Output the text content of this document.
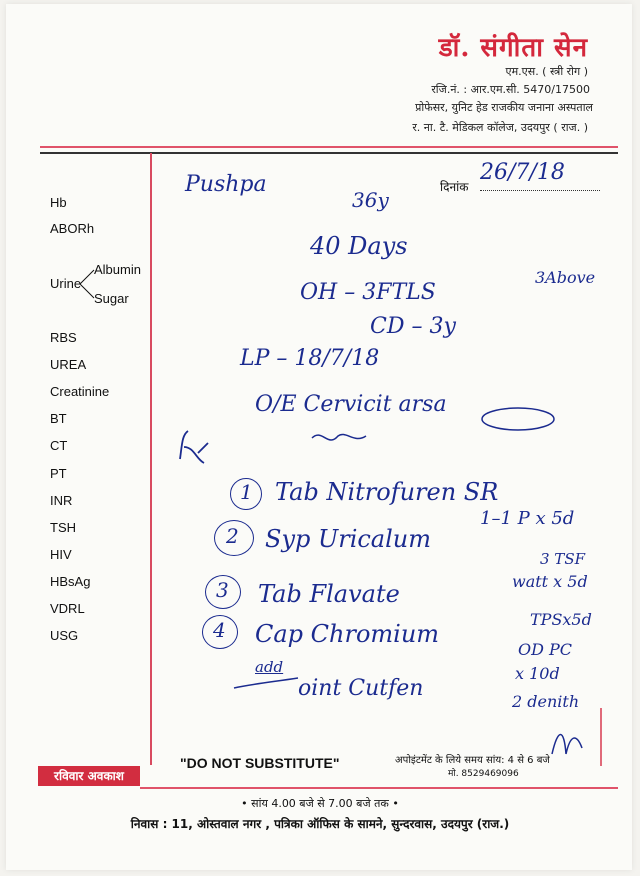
डॉ. संगीता सेन
एम.एस. ( स्त्री रोग )
रजि.नं. : आर.एम.सी. 5470/17500
प्रोफेसर, युनिट हेड राजकीय जनाना अस्पताल
र. ना. टै. मेडिकल कॉलेज, उदयपुर ( राज. )
दिनांक
26/7/18
Hb
ABORh
Urine
Albumin
Sugar
RBS
UREA
Creatinine
BT
CT
PT
INR
TSH
HIV
HBsAg
VDRL
USG
Pushpa
36y
40 Days
OH – 3FTLS
3Above
CD – 3y
LP – 18/7/18
O/E Cervicit arsa
1 Tab Nitrofuren SR
1–1 P x 5d
2 Syp Uricalum
3 TSF
watt x 5d
3 Tab Flavate
TPSx5d
4 Cap Chromium
OD PC
x 10d
add
oint Cutfen
2 denith
"DO NOT SUBSTITUTE"	अपोइंटमेंट के लिये समय सांय: 4 से 6 बजे
मो. 8529469096
रविवार अवकाश
• सांय 4.00 बजे से 7.00 बजे तक •
निवास : 11, ओस्तवाल नगर , पत्रिका ऑफिस के सामने, सुन्दरवास, उदयपुर (राज.)
